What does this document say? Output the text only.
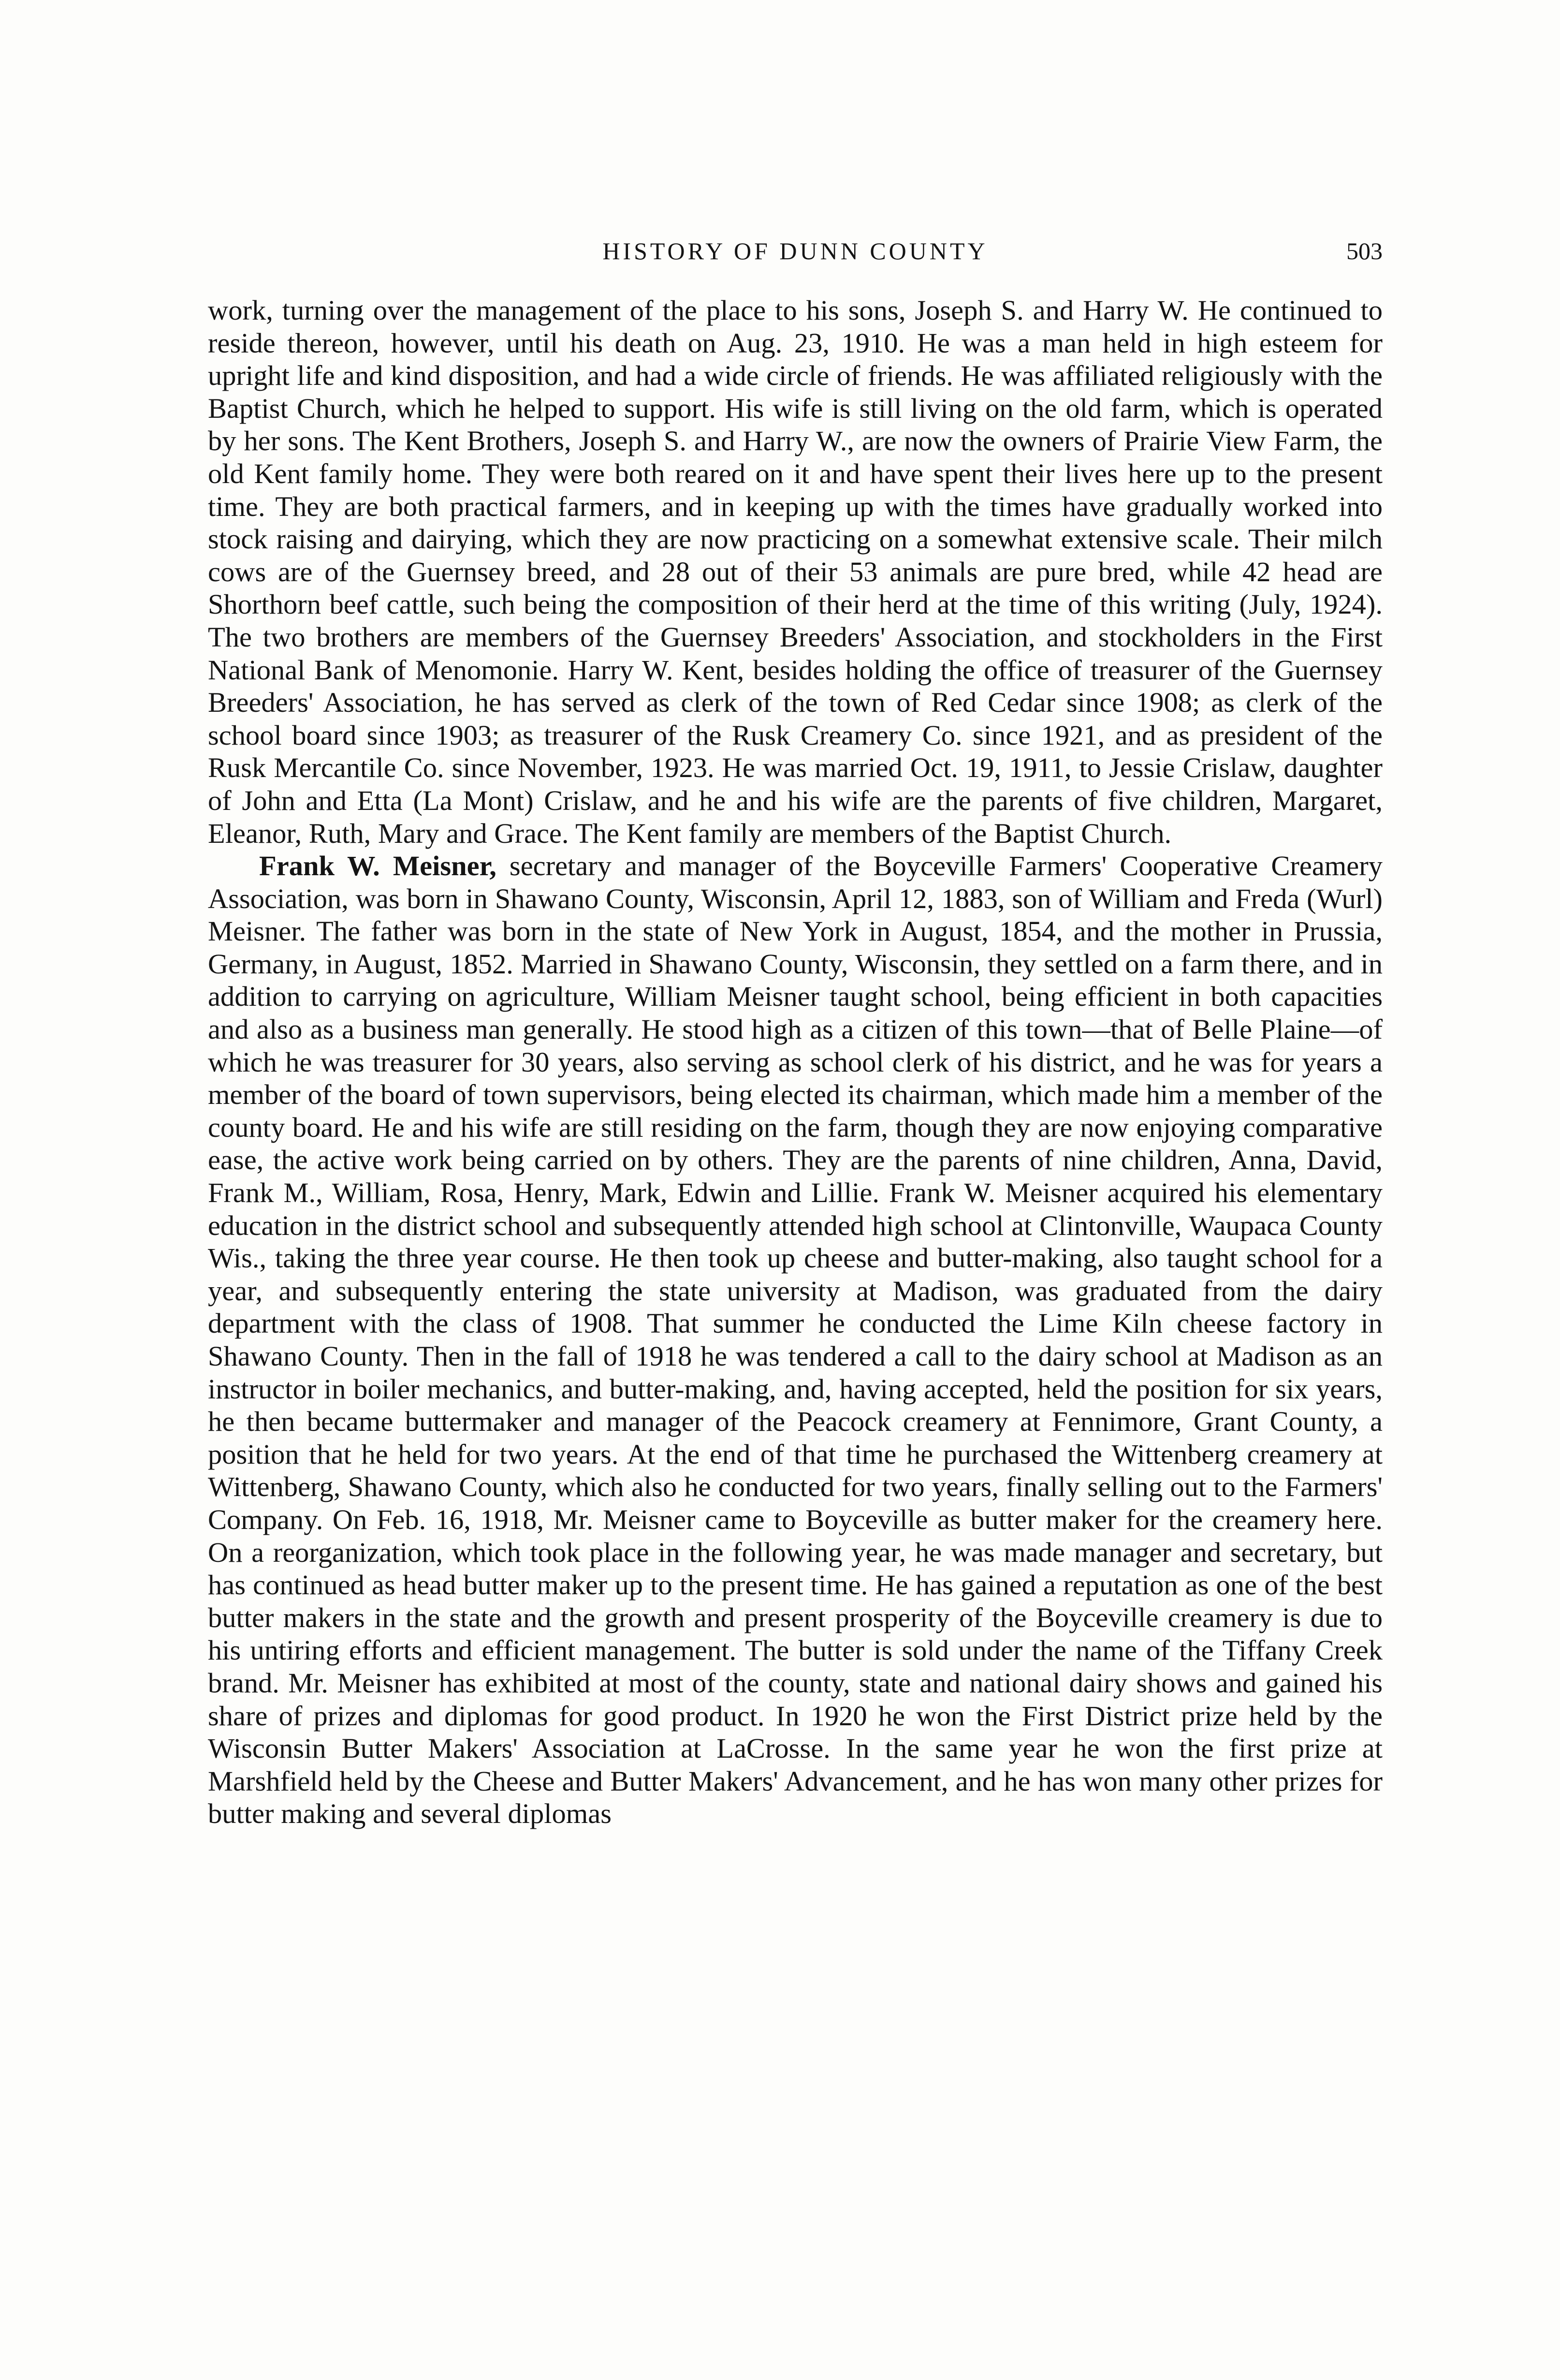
HISTORY OF DUNN COUNTY	503

work, turning over the management of the place to his sons, Joseph S. and Harry W. He continued to reside thereon, however, until his death on Aug. 23, 1910. He was a man held in high esteem for upright life and kind disposition, and had a wide circle of friends. He was affiliated religiously with the Baptist Church, which he helped to support. His wife is still living on the old farm, which is operated by her sons. The Kent Brothers, Joseph S. and Harry W., are now the owners of Prairie View Farm, the old Kent family home. They were both reared on it and have spent their lives here up to the present time. They are both practical farmers, and in keeping up with the times have gradually worked into stock raising and dairying, which they are now practicing on a somewhat extensive scale. Their milch cows are of the Guernsey breed, and 28 out of their 53 animals are pure bred, while 42 head are Shorthorn beef cattle, such being the composition of their herd at the time of this writing (July, 1924). The two brothers are members of the Guernsey Breeders' Association, and stockholders in the First National Bank of Menomonie. Harry W. Kent, besides holding the office of treasurer of the Guernsey Breeders' Association, he has served as clerk of the town of Red Cedar since 1908; as clerk of the school board since 1903; as treasurer of the Rusk Creamery Co. since 1921, and as president of the Rusk Mercantile Co. since November, 1923. He was married Oct. 19, 1911, to Jessie Crislaw, daughter of John and Etta (La Mont) Crislaw, and he and his wife are the parents of five children, Margaret, Eleanor, Ruth, Mary and Grace. The Kent family are members of the Baptist Church.

Frank W. Meisner, secretary and manager of the Boyceville Farmers' Cooperative Creamery Association, was born in Shawano County, Wisconsin, April 12, 1883, son of William and Freda (Wurl) Meisner. The father was born in the state of New York in August, 1854, and the mother in Prussia, Germany, in August, 1852. Married in Shawano County, Wisconsin, they settled on a farm there, and in addition to carrying on agriculture, William Meisner taught school, being efficient in both capacities and also as a business man generally. He stood high as a citizen of this town—that of Belle Plaine—of which he was treasurer for 30 years, also serving as school clerk of his district, and he was for years a member of the board of town supervisors, being elected its chairman, which made him a member of the county board. He and his wife are still residing on the farm, though they are now enjoying comparative ease, the active work being carried on by others. They are the parents of nine children, Anna, David, Frank M., William, Rosa, Henry, Mark, Edwin and Lillie. Frank W. Meisner acquired his elementary education in the district school and subsequently attended high school at Clintonville, Waupaca County Wis., taking the three year course. He then took up cheese and butter-making, also taught school for a year, and subsequently entering the state university at Madison, was graduated from the dairy department with the class of 1908. That summer he conducted the Lime Kiln cheese factory in Shawano County. Then in the fall of 1918 he was tendered a call to the dairy school at Madison as an instructor in boiler mechanics, and butter-making, and, having accepted, held the position for six years, he then became buttermaker and manager of the Peacock creamery at Fennimore, Grant County, a position that he held for two years. At the end of that time he purchased the Wittenberg creamery at Wittenberg, Shawano County, which also he conducted for two years, finally selling out to the Farmers' Company. On Feb. 16, 1918, Mr. Meisner came to Boyceville as butter maker for the creamery here. On a reorganization, which took place in the following year, he was made manager and secretary, but has continued as head butter maker up to the present time. He has gained a reputation as one of the best butter makers in the state and the growth and present prosperity of the Boyceville creamery is due to his untiring efforts and efficient management. The butter is sold under the name of the Tiffany Creek brand. Mr. Meisner has exhibited at most of the county, state and national dairy shows and gained his share of prizes and diplomas for good product. In 1920 he won the First District prize held by the Wisconsin Butter Makers' Association at LaCrosse. In the same year he won the first prize at Marshfield held by the Cheese and Butter Makers' Advancement, and he has won many other prizes for butter making and several diplomas
